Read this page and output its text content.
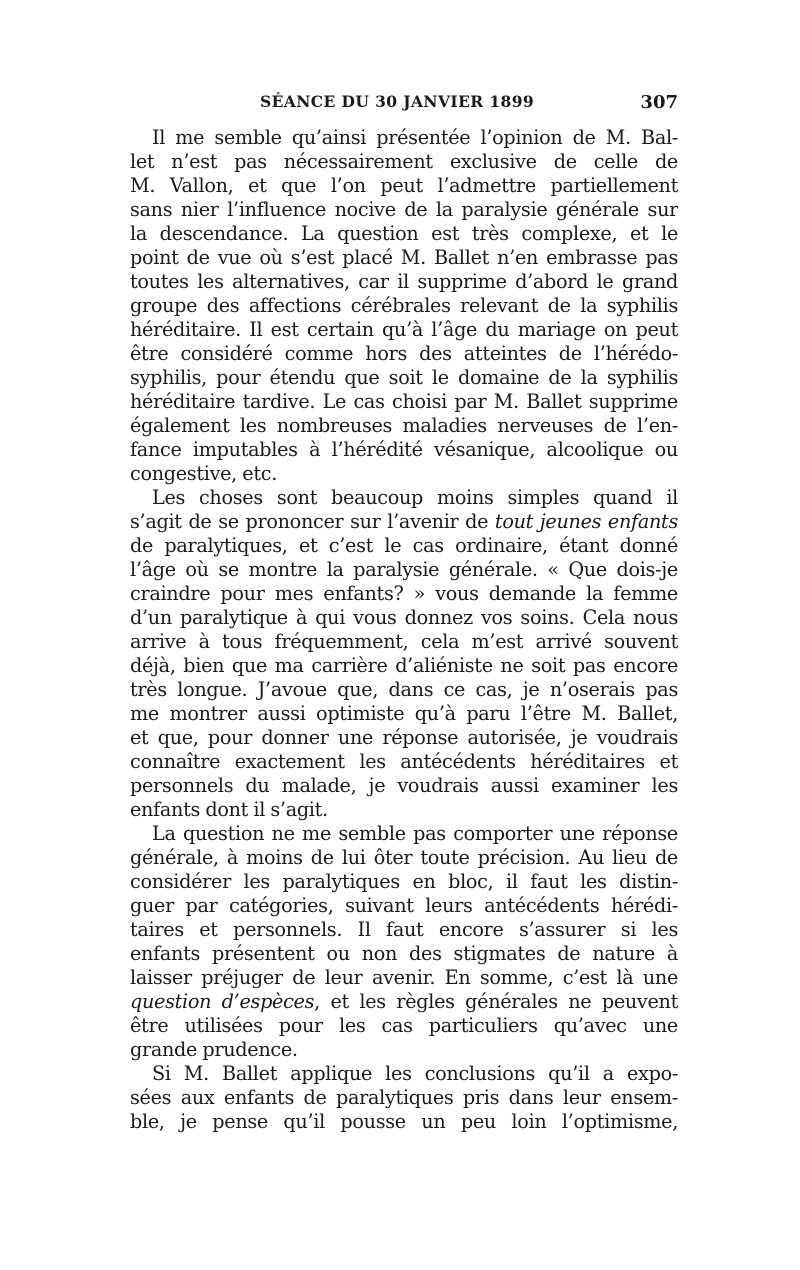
SÉANCE DU 30 JANVIER 1899	307
Il me semble qu’ainsi présentée l’opinion de M. Bal-
let n’est pas nécessairement exclusive de celle de
M. Vallon, et que l’on peut l’admettre partiellement
sans nier l’influence nocive de la paralysie générale sur
la descendance. La question est très complexe, et le
point de vue où s’est placé M. Ballet n’en embrasse pas
toutes les alternatives, car il supprime d’abord le grand
groupe des affections cérébrales relevant de la syphilis
héréditaire. Il est certain qu’à l’âge du mariage on peut
être considéré comme hors des atteintes de l’hérédo-
syphilis, pour étendu que soit le domaine de la syphilis
héréditaire tardive. Le cas choisi par M. Ballet supprime
également les nombreuses maladies nerveuses de l’en-
fance imputables à l’hérédité vésanique, alcoolique ou
congestive, etc.
Les choses sont beaucoup moins simples quand il
s’agit de se prononcer sur l’avenir de tout jeunes enfants
de paralytiques, et c’est le cas ordinaire, étant donné
l’âge où se montre la paralysie générale. « Que dois-je
craindre pour mes enfants? » vous demande la femme
d’un paralytique à qui vous donnez vos soins. Cela nous
arrive à tous fréquemment, cela m’est arrivé souvent
déjà, bien que ma carrière d’aliéniste ne soit pas encore
très longue. J’avoue que, dans ce cas, je n’oserais pas
me montrer aussi optimiste qu’à paru l’être M. Ballet,
et que, pour donner une réponse autorisée, je voudrais
connaître exactement les antécédents héréditaires et
personnels du malade, je voudrais aussi examiner les
enfants dont il s’agit.
La question ne me semble pas comporter une réponse
générale, à moins de lui ôter toute précision. Au lieu de
considérer les paralytiques en bloc, il faut les distin-
guer par catégories, suivant leurs antécédents hérédi-
taires et personnels. Il faut encore s’assurer si les
enfants présentent ou non des stigmates de nature à
laisser préjuger de leur avenir. En somme, c’est là une
question d’espèces, et les règles générales ne peuvent
être utilisées pour les cas particuliers qu’avec une
grande prudence.
Si M. Ballet applique les conclusions qu’il a expo-
sées aux enfants de paralytiques pris dans leur ensem-
ble, je pense qu’il pousse un peu loin l’optimisme,
